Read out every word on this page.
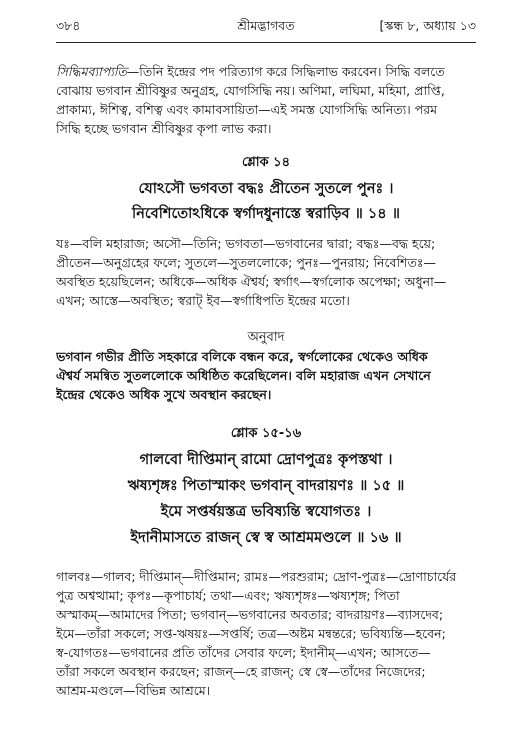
৩৮৪	শ্রীমদ্ভাগবত	[স্কন্ধ ৮, অধ্যায় ১৩
সিদ্ধিমব্যাপ্যতি—তিনি ইন্দ্রের পদ পরিত্যাগ করে সিদ্ধিলাভ করবেন। সিদ্ধি বলতে
বোঝায় ভগবান শ্রীবিষ্ণুর অনুগ্রহ, যোগসিদ্ধি নয়। অণিমা, লঘিমা, মহিমা, প্রাপ্তি,
প্রাকাম্য, ঈশিত্ব, বশিত্ব এবং কামাবসায়িতা—এই সমস্ত যোগসিদ্ধি অনিত্য। পরম
সিদ্ধি হচ্ছে ভগবান শ্রীবিষ্ণুর কৃপা লাভ করা।
শ্লোক ১৪
যোঽসৌ ভগবতা বদ্ধঃ প্রীতেন সুতলে পুনঃ ।
নিবেশিতোঽধিকে স্বর্গাদধুনাস্তে স্বরাড়িব ॥ ১৪ ॥
যঃ—বলি মহারাজ; অসৌ—তিনি; ভগবতা—ভগবানের দ্বারা; বদ্ধঃ—বদ্ধ হয়ে;
প্রীতেন—অনুগ্রহের ফলে; সুতলে—সুতললোকে; পুনঃ—পুনরায়; নিবেশিতঃ—
অবস্থিত হয়েছিলেন; অধিকে—অধিক ঐশ্বর্য; স্বর্গাৎ—স্বর্গলোক অপেক্ষা; অধুনা—
এখন; আস্তে—অবস্থিত; স্বরাট্‌ ইব—স্বর্গাধিপতি ইন্দ্রের মতো।
অনুবাদ
ভগবান গভীর প্রীতি সহকারে বলিকে বন্ধন করে, স্বর্গলোকের থেকেও অধিক
ঐশ্বর্য সমন্বিত সুতললোকে অধিষ্ঠিত করেছিলেন। বলি মহারাজ এখন সেখানে
ইন্দ্রের থেকেও অধিক সুখে অবস্থান করছেন।
শ্লোক ১৫-১৬
গালবো দীপ্তিমান্‌ রামো দ্রোণপুত্রঃ কৃপস্তথা ।
ঋষ্যশৃঙ্গঃ পিতাস্মাকং ভগবান্‌ বাদরায়ণঃ ॥ ১৫ ॥
ইমে সপ্তর্ষয়স্তত্র ভবিষ্যন্তি স্বযোগতঃ ।
ইদানীমাসতে রাজন্‌ স্বে স্ব আশ্রমমণ্ডলে ॥ ১৬ ॥
গালবঃ—গালব; দীপ্তিমান্‌—দীপ্তিমান; রামঃ—পরশুরাম; দ্রোণ-পুত্রঃ—দ্রোণাচার্যের
পুত্র অশ্বত্থামা; কৃপঃ—কৃপাচার্য; তথা—এবং; ঋষ্যশৃঙ্গঃ—ঋষ্যশৃঙ্গ; পিতা
অস্মাকম্‌—আমাদের পিতা; ভগবান্‌—ভগবানের অবতার; বাদরায়ণঃ—ব্যাসদেব;
ইমে—তাঁরা সকলে; সপ্ত-ঋষয়ঃ—সপ্তর্ষি; তত্র—অষ্টম মন্বন্তরে; ভবিষ্যন্তি—হবেন;
স্ব-যোগতঃ—ভগবানের প্রতি তাঁদের সেবার ফলে; ইদানীম্‌—এখন; আসতে—
তাঁরা সকলে অবস্থান করছেন; রাজন্‌—হে রাজন্‌; স্বে স্বে—তাঁদের নিজেদের;
আশ্রম-মণ্ডলে—বিভিন্ন আশ্রমে।
